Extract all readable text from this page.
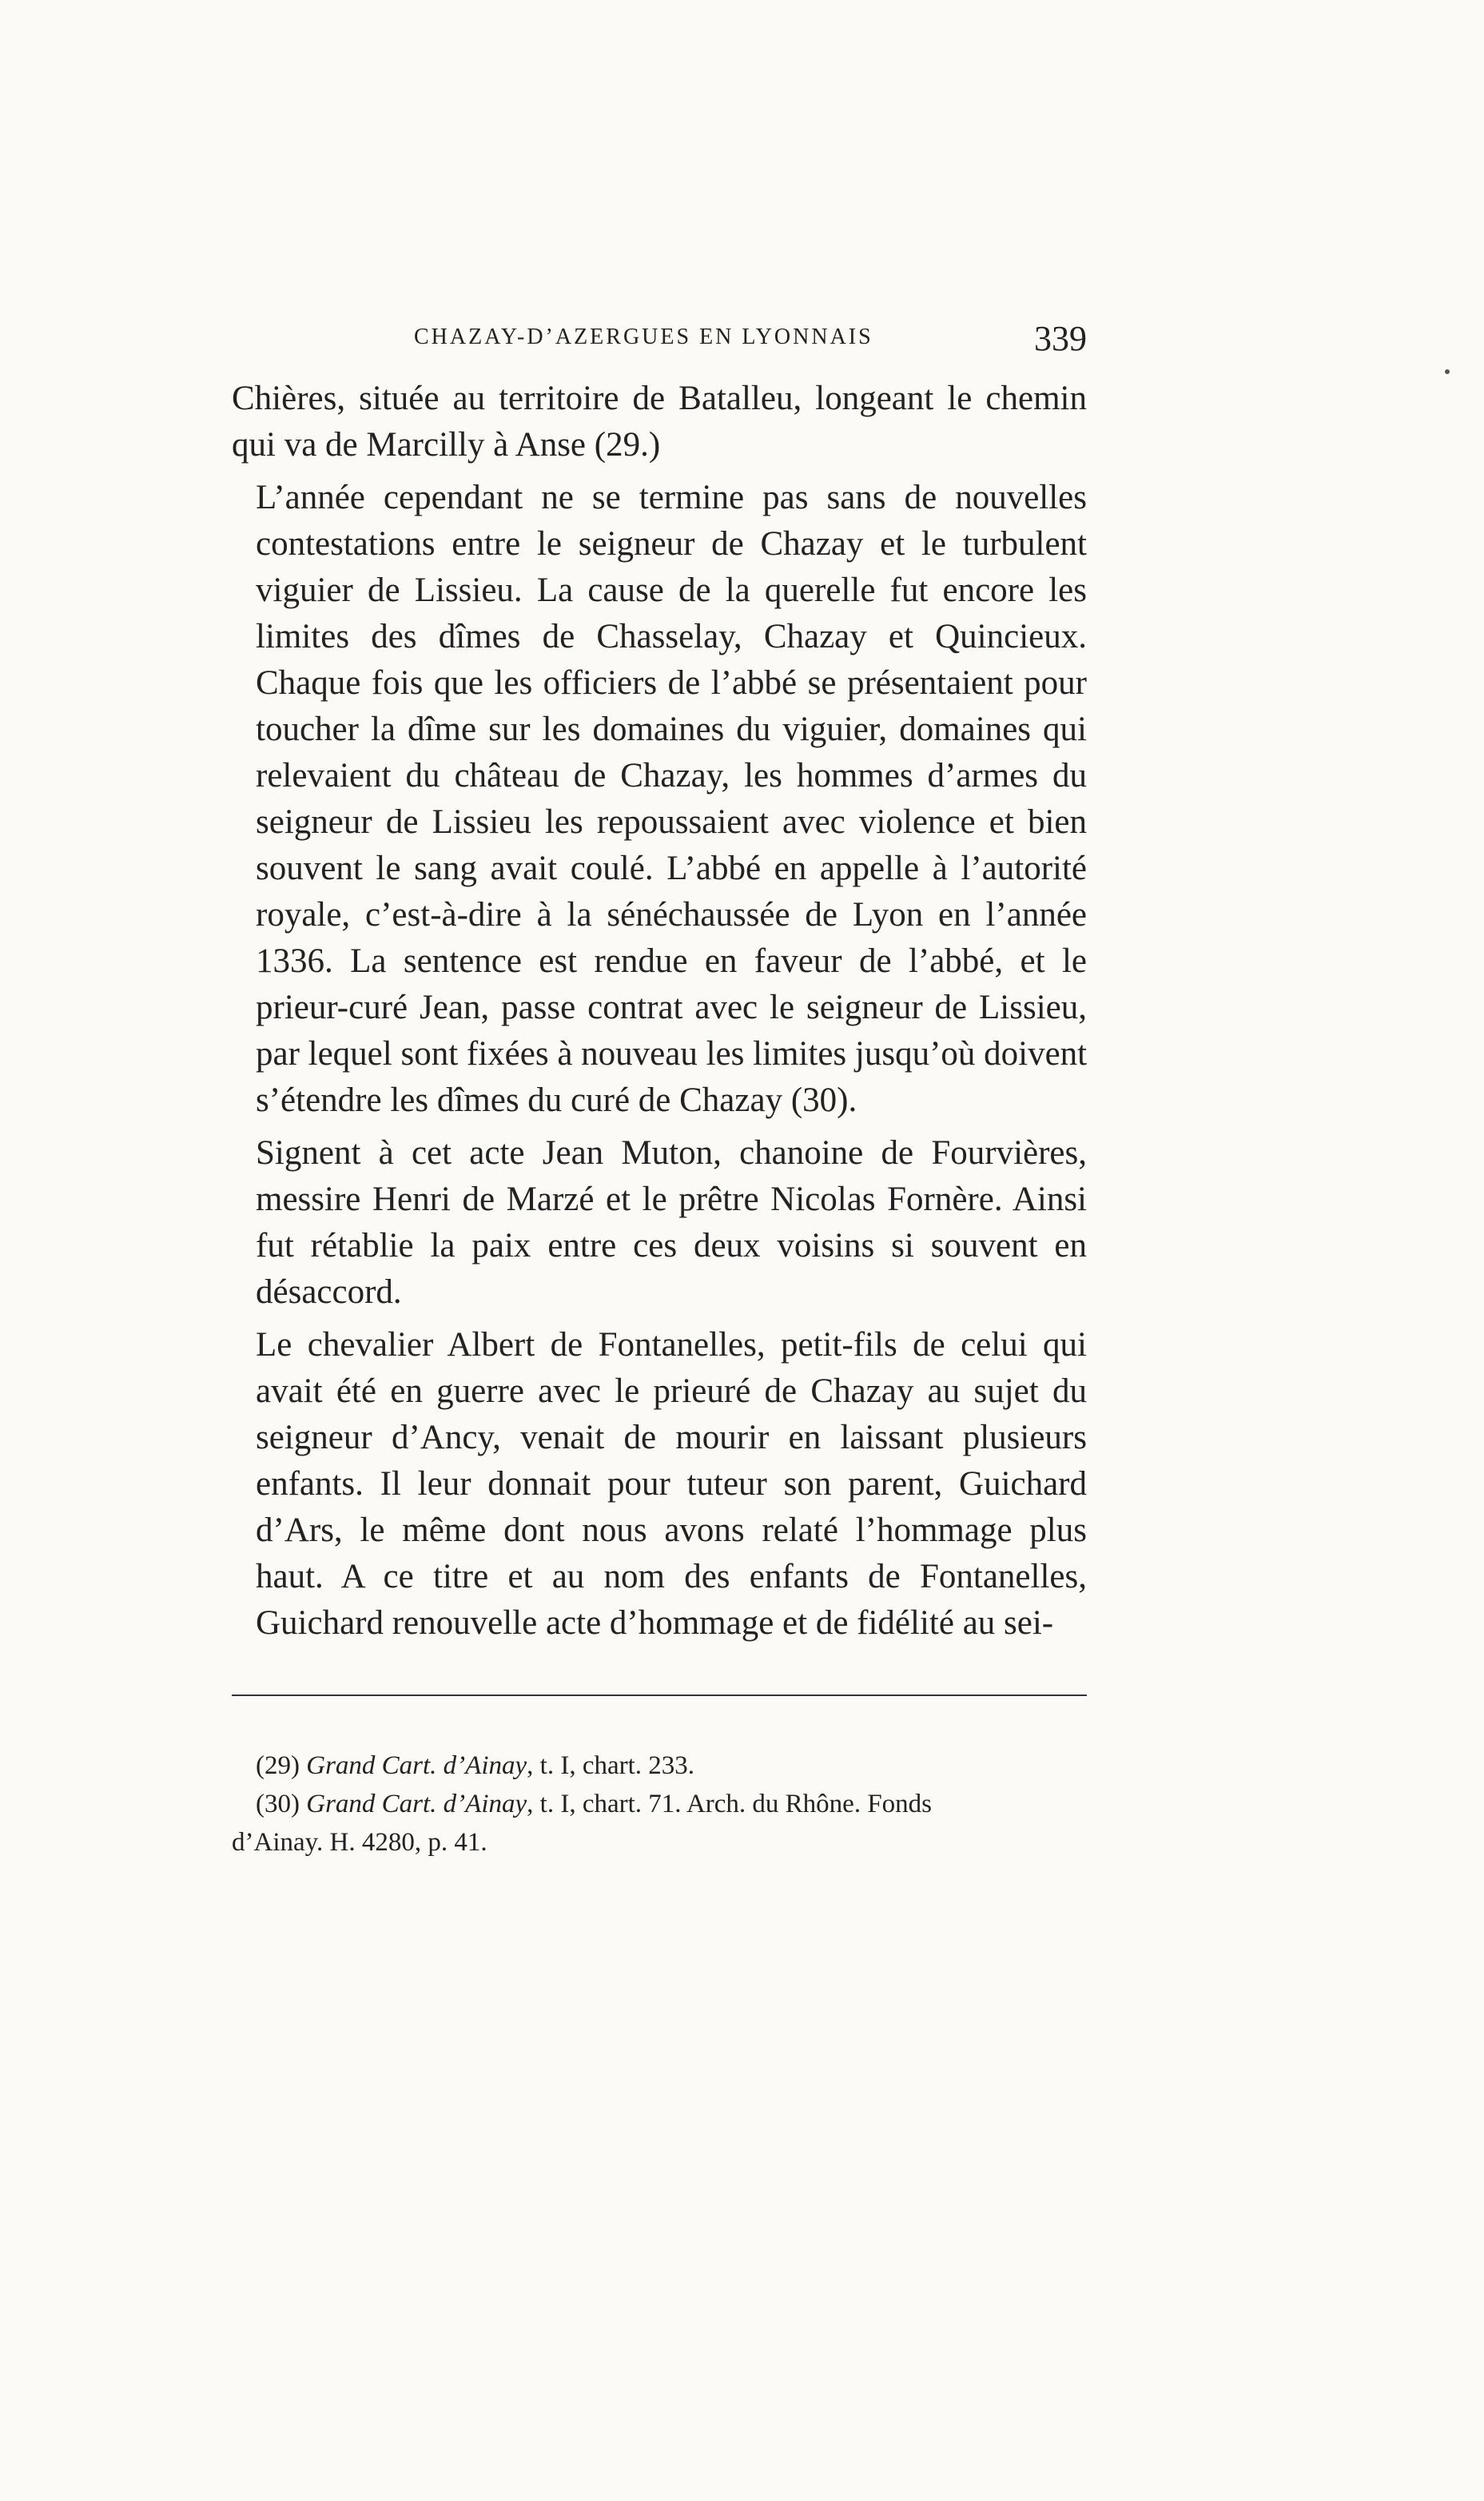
CHAZAY-D’AZERGUES EN LYONNAIS	339

Chières, située au territoire de Batalleu, longeant le chemin
qui va de Marcilly à Anse (29.)

L’année cependant ne se termine pas sans de nouvelles
contestations entre le seigneur de Chazay et le turbulent
viguier de Lissieu. La cause de la querelle fut encore les
limites des dîmes de Chasselay, Chazay et Quincieux.
Chaque fois que les officiers de l’abbé se présentaient pour
toucher la dîme sur les domaines du viguier, domaines qui
relevaient du château de Chazay, les hommes d’armes du
seigneur de Lissieu les repoussaient avec violence et bien
souvent le sang avait coulé. L’abbé en appelle à l’autorité
royale, c’est-à-dire à la sénéchaussée de Lyon en l’année
1336. La sentence est rendue en faveur de l’abbé, et le
prieur-curé Jean, passe contrat avec le seigneur de Lissieu,
par lequel sont fixées à nouveau les limites jusqu’où doivent
s’étendre les dîmes du curé de Chazay (30).

Signent à cet acte Jean Muton, chanoine de Fourvières,
messire Henri de Marzé et le prêtre Nicolas Fornère. Ainsi
fut rétablie la paix entre ces deux voisins si souvent en
désaccord.

Le chevalier Albert de Fontanelles, petit-fils de celui qui
avait été en guerre avec le prieuré de Chazay au sujet du
seigneur d’Ancy, venait de mourir en laissant plusieurs
enfants. Il leur donnait pour tuteur son parent, Guichard
d’Ars, le même dont nous avons relaté l’hommage plus
haut. A ce titre et au nom des enfants de Fontanelles,
Guichard renouvelle acte d’hommage et de fidélité au sei-

(29) Grand Cart. d’Ainay, t. I, chart. 233.
(30) Grand Cart. d’Ainay, t. I, chart. 71. Arch. du Rhône. Fonds
d’Ainay. H. 4280, p. 41.
